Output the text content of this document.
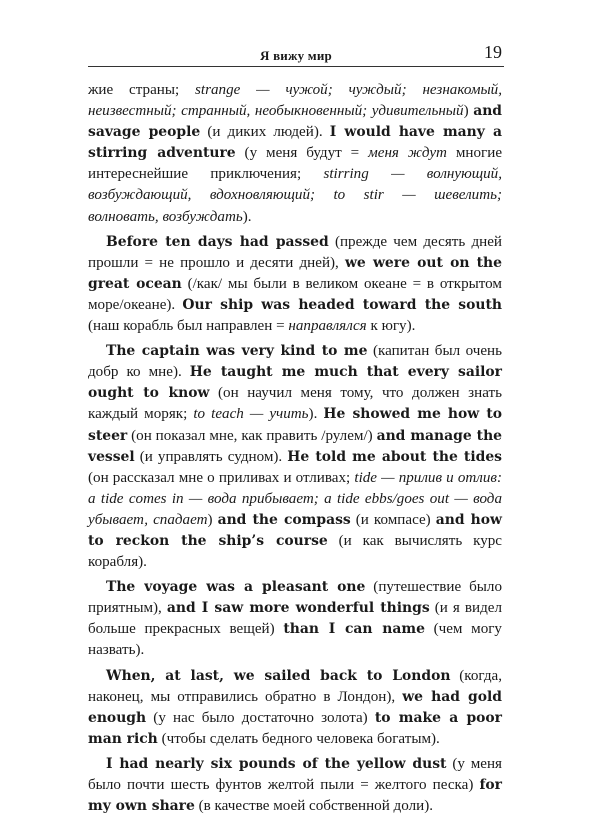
Я вижу мир	19

жие страны; strange — чужой; чуждый; незнакомый, неизвестный; странный, необыкновенный; удивительный) and savage people (и диких людей). I would have many a stirring adventure (у меня будут = меня ждут многие интереснейшие приключения; stirring — волнующий, возбуждающий, вдохновляющий; to stir — шевелить; волновать, возбуждать).

Before ten days had passed (прежде чем десять дней прошли = не прошло и десяти дней), we were out on the great ocean (/как/ мы были в великом океане = в открытом море/океане). Our ship was headed toward the south (наш корабль был направлен = направлялся к югу).

The captain was very kind to me (капитан был очень добр ко мне). He taught me much that every sailor ought to know (он научил меня тому, что должен знать каждый моряк; to teach — учить). He showed me how to steer (он показал мне, как править /рулем/) and manage the vessel (и управлять судном). He told me about the tides (он рассказал мне о приливах и отливах; tide — прилив и отлив: a tide comes in — вода прибывает; a tide ebbs/goes out — вода убывает, спадает) and the compass (и компасе) and how to reckon the ship’s course (и как вычислять курс корабля).

The voyage was a pleasant one (путешествие было приятным), and I saw more wonderful things (и я видел больше прекрасных вещей) than I can name (чем могу назвать).

When, at last, we sailed back to London (когда, наконец, мы отправились обратно в Лондон), we had gold enough (у нас было достаточно золота) to make a poor man rich (чтобы сделать бедного человека богатым).

I had nearly six pounds of the yellow dust (у меня было почти шесть фунтов желтой пыли = желтого песка) for my own share (в качестве моей собственной доли).
